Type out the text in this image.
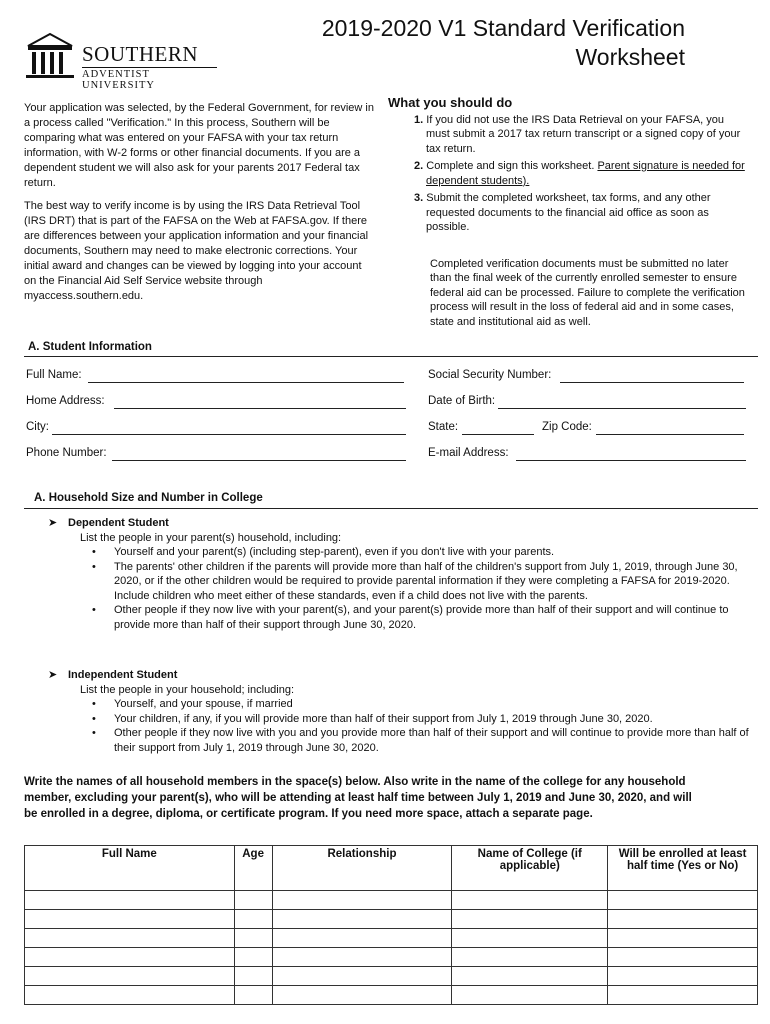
2019-2020 V1 Standard Verification
Worksheet
SOUTHERN
ADVENTIST UNIVERSITY
Your application was selected, by the Federal Government, for review in a process called "Verification." In this process, Southern will be comparing what was entered on your FAFSA with your tax return information, with W-2 forms or other financial documents. If you are a dependent student we will also ask for your parents 2017 Federal tax return.
The best way to verify income is by using the IRS Data Retrieval Tool (IRS DRT) that is part of the FAFSA on the Web at FAFSA.gov. If there are differences between your application information and your financial documents, Southern may need to make electronic corrections. Your initial award and changes can be viewed by logging into your account on the Financial Aid Self Service website through myaccess.southern.edu.
What you should do
1. If you did not use the IRS Data Retrieval on your FAFSA, you must submit a 2017 tax return transcript or a signed copy of your tax return.
2. Complete and sign this worksheet. Parent signature is needed for dependent students).
3. Submit the completed worksheet, tax forms, and any other requested documents to the financial aid office as soon as possible.
Completed verification documents must be submitted no later than the final week of the currently enrolled semester to ensure federal aid can be processed. Failure to complete the verification process will result in the loss of federal aid and in some cases, state and institutional aid as well.
A. Student Information
Full Name:	Social Security Number:
Home Address:	Date of Birth:
City:	State:	Zip Code:
Phone Number:	E-mail Address:
A. Household Size and Number in College
➤ Dependent Student
List the people in your parent(s) household, including:
• Yourself and your parent(s) (including step-parent), even if you don't live with your parents.
• The parents' other children if the parents will provide more than half of the children's support from July 1, 2019, through June 30, 2020, or if the other children would be required to provide parental information if they were completing a FAFSA for 2019-2020. Include children who meet either of these standards, even if a child does not live with the parents.
• Other people if they now live with your parent(s), and your parent(s) provide more than half of their support and will continue to provide more than half of their support through June 30, 2020.
➤ Independent Student
List the people in your household; including:
• Yourself, and your spouse, if married
• Your children, if any, if you will provide more than half of their support from July 1, 2019 through June 30, 2020.
• Other people if they now live with you and you provide more than half of their support and will continue to provide more than half of their support from July 1, 2019 through June 30, 2020.
Write the names of all household members in the space(s) below. Also write in the name of the college for any household member, excluding your parent(s), who will be attending at least half time between July 1, 2019 and June 30, 2020, and will be enrolled in a degree, diploma, or certificate program. If you need more space, attach a separate page.
Full Name	Age	Relationship	Name of College (if applicable)	Will be enrolled at least half time (Yes or No)
